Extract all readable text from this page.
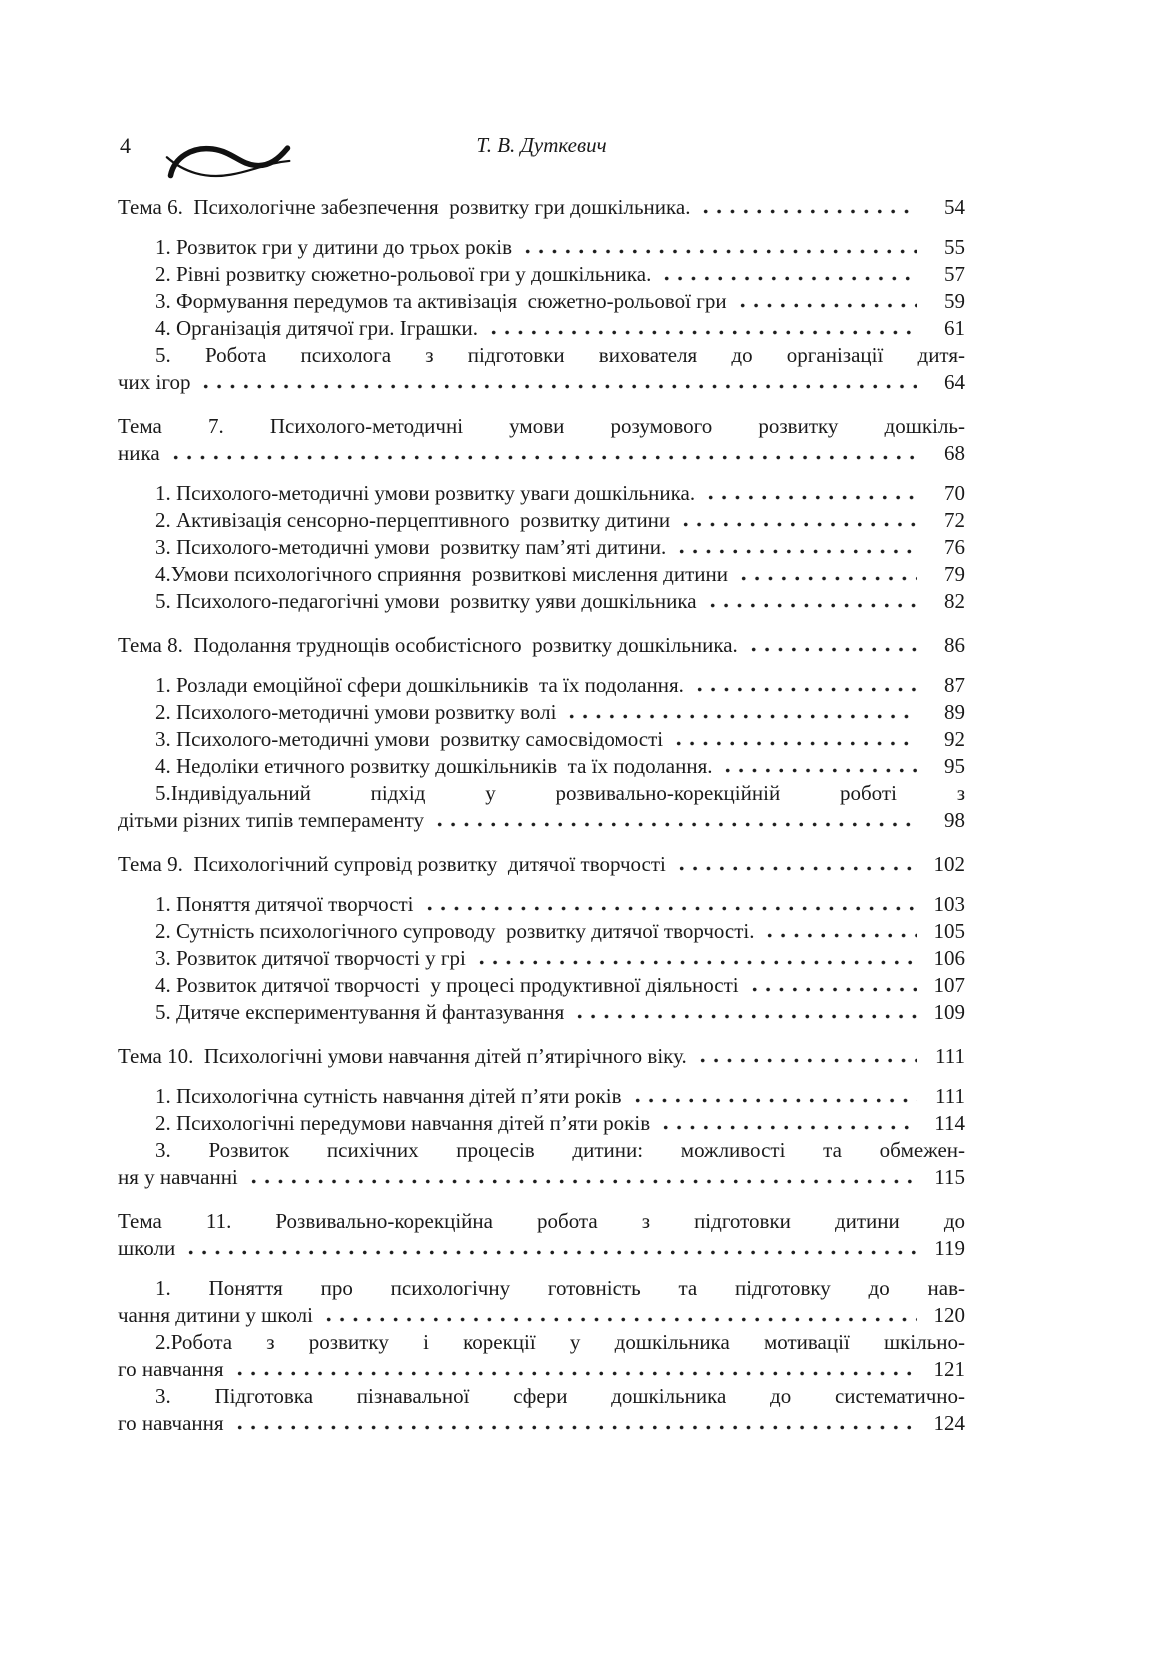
4	Т. В. Дуткевич
Тема 6.  Психологічне забезпечення  розвитку гри дошкільника.	54
1. Розвиток гри у дитини до трьох років	55
2. Рівні розвитку сюжетно-рольової гри у дошкільника.	57
3. Формування передумов та активізація  сюжетно-рольової гри	59
4. Організація дитячої гри. Іграшки.	61
5. Робота психолога з підготовки вихователя до організації дитя-
чих ігор	64
Тема 7. Психолого-методичні умови розумового розвитку дошкіль-
ника	68
1. Психолого-методичні умови розвитку уваги дошкільника.	70
2. Активізація сенсорно-перцептивного  розвитку дитини	72
3. Психолого-методичні умови  розвитку пам’яті дитини.	76
4.Умови психологічного сприяння  розвиткові мислення дитини	79
5. Психолого-педагогічні умови  розвитку уяви дошкільника	82
Тема 8.  Подолання труднощів особистісного  розвитку дошкільника.	86
1. Розлади емоційної сфери дошкільників  та їх подолання.	87
2. Психолого-методичні умови розвитку волі	89
3. Психолого-методичні умови  розвитку самосвідомості	92
4. Недоліки етичного розвитку дошкільників  та їх подолання.	95
5.Індивідуальний підхід у розвивально-корекційній роботі з
дітьми різних типів темпераменту	98
Тема 9.  Психологічний супровід розвитку  дитячої творчості	102
1. Поняття дитячої творчості	103
2. Сутність психологічного супроводу  розвитку дитячої творчості.	105
3. Розвиток дитячої творчості у грі	106
4. Розвиток дитячої творчості  у процесі продуктивної діяльності	107
5. Дитяче експериментування й фантазування	109
Тема 10.  Психологічні умови навчання дітей п’ятирічного віку.	111
1. Психологічна сутність навчання дітей п’яти років	111
2. Психологічні передумови навчання дітей п’яти років	114
3. Розвиток психічних процесів дитини: можливості та обмежен-
ня у навчанні	115
Тема 11. Розвивально-корекційна робота з підготовки дитини до
школи	119
1. Поняття про психологічну готовність та підготовку до нав-
чання дитини у школі	120
2.Робота з розвитку і корекції у дошкільника мотивації шкільно-
го навчання	121
3. Підготовка пізнавальної сфери дошкільника до систематично-
го навчання	124
